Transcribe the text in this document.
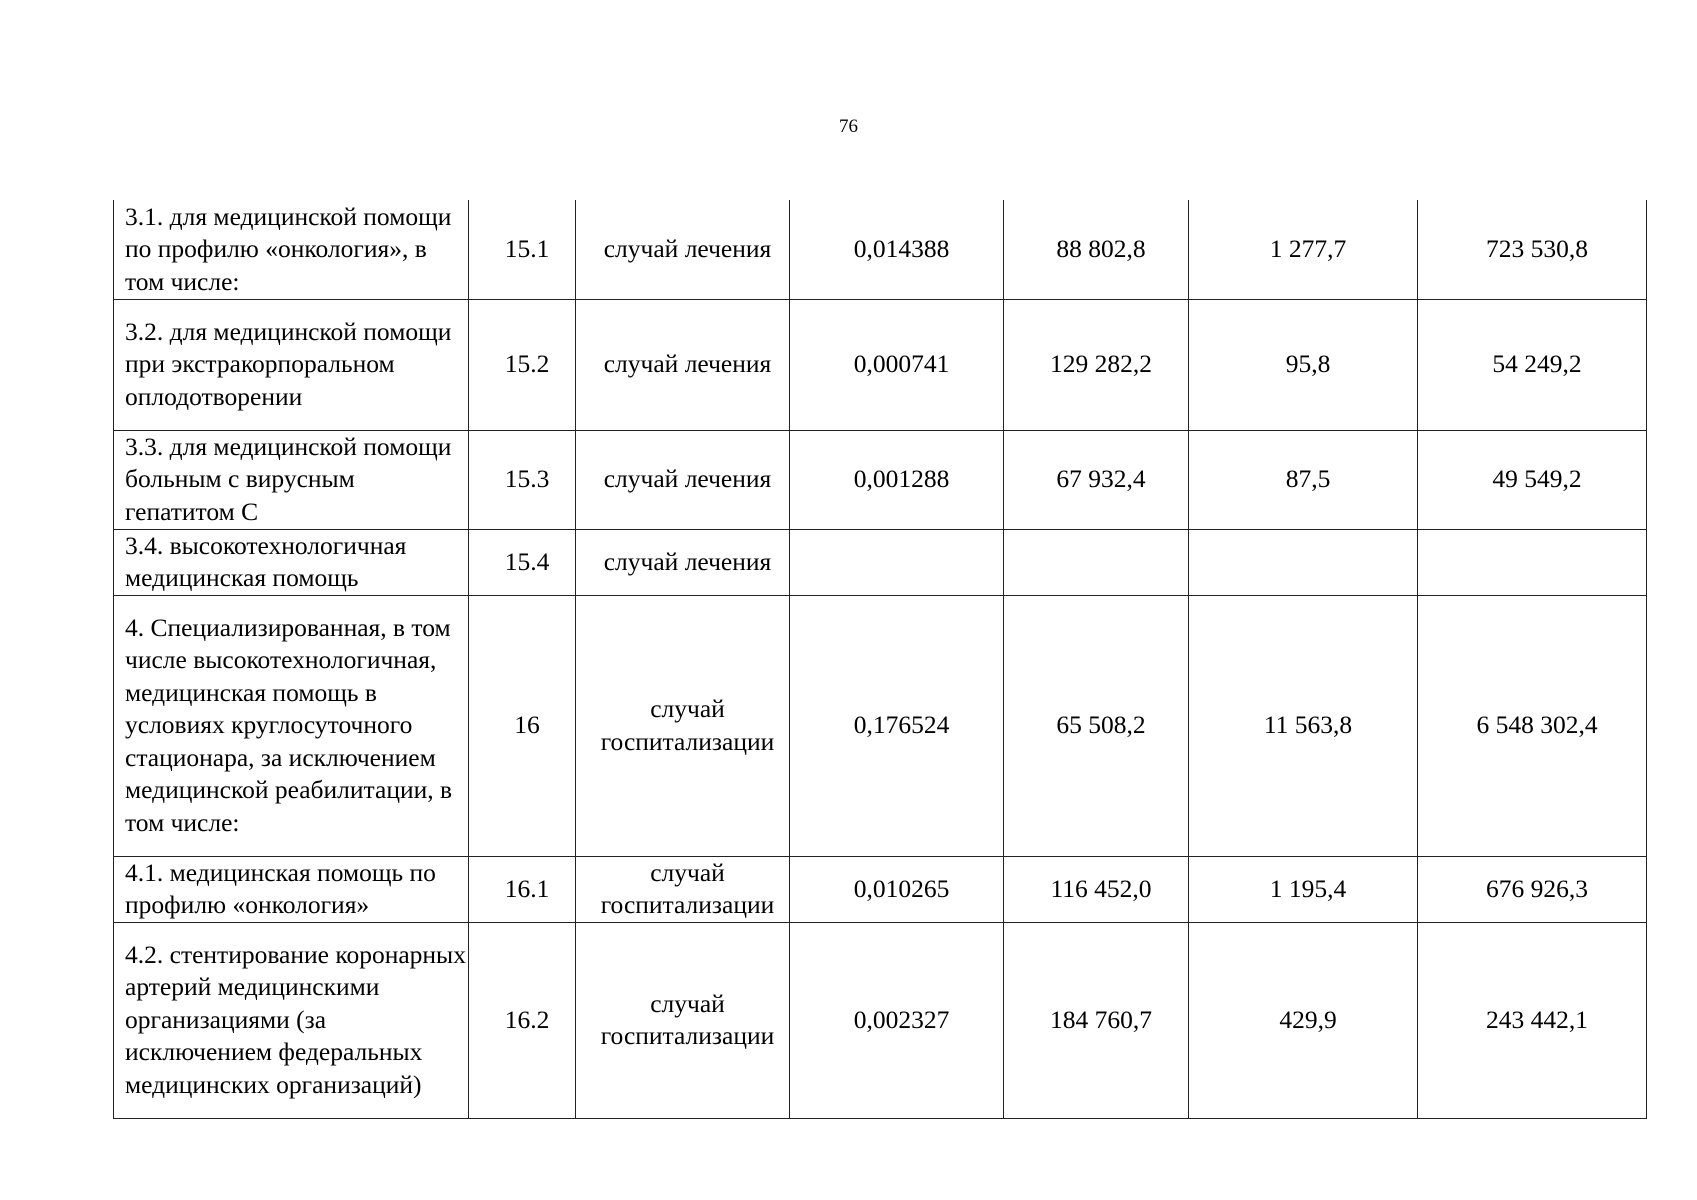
76
3.1. для медицинской помощи по профилю «онкология», в том числе:	15.1	случай лечения	0,014388	88 802,8	1 277,7	723 530,8
3.2. для медицинской помощи при экстракорпоральном оплодотворении	15.2	случай лечения	0,000741	129 282,2	95,8	54 249,2
3.3. для медицинской помощи больным с вирусным гепатитом С	15.3	случай лечения	0,001288	67 932,4	87,5	49 549,2
3.4. высокотехнологичная медицинская помощь	15.4	случай лечения				
4. Специализированная, в том числе высокотехнологичная, медицинская помощь в условиях круглосуточного стационара, за исключением медицинской реабилитации, в том числе:	16	случай госпитализации	0,176524	65 508,2	11 563,8	6 548 302,4
4.1. медицинская помощь по профилю «онкология»	16.1	случай госпитализации	0,010265	116 452,0	1 195,4	676 926,3
4.2. стентирование коронарных артерий медицинскими организациями (за исключением федеральных медицинских организаций)	16.2	случай госпитализации	0,002327	184 760,7	429,9	243 442,1
